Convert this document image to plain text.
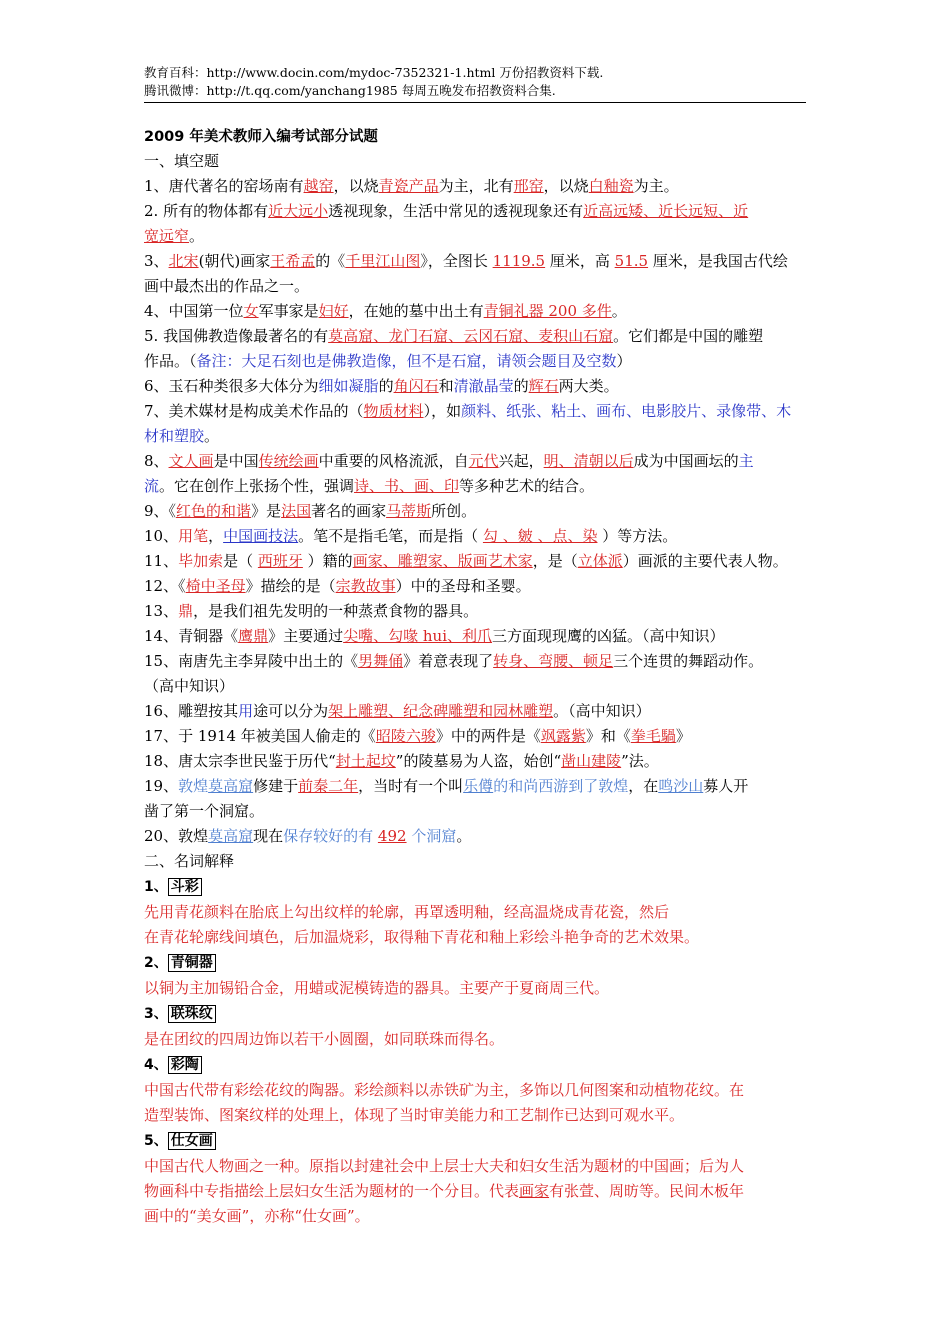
教育百科：http://www.docin.com/mydoc-7352321-1.html 万份招教资料下载.
腾讯微博：http://t.qq.com/yanchang1985 每周五晚发布招教资料合集.
2009 年美术教师入编考试部分试题
一、填空题
1、唐代著名的窑场南有越窑，以烧青瓷产品为主，北有邢窑，以烧白釉瓷为主。
2. 所有的物体都有近大远小透视现象，生活中常见的透视现象还有近高远矮、近长远短、近
宽远窄。
3、北宋(朝代)画家王希孟的《千里江山图》，全图长 1119.5 厘米，高 51.5 厘米，是我国古代绘
画中最杰出的作品之一。
4、中国第一位女军事家是妇好，在她的墓中出土有青铜礼器 200 多件。
5. 我国佛教造像最著名的有莫高窟、龙门石窟、云冈石窟、麦积山石窟。它们都是中国的雕塑
作品。（备注：大足石刻也是佛教造像，但不是石窟，请领会题目及空数）
6、玉石种类很多大体分为细如凝脂的角闪石和清澈晶莹的辉石两大类。
7、美术媒材是构成美术作品的（物质材料），如颜料、纸张、粘土、画布、电影胶片、录像带、木
材和塑胶。
8、文人画是中国传统绘画中重要的风格流派，自元代兴起，明、清朝以后成为中国画坛的主
流。它在创作上张扬个性，强调诗、书、画、印等多种艺术的结合。
9、《红色的和谐》是法国著名的画家马蒂斯所创。
10、用笔，中国画技法。笔不是指毛笔，而是指（ 勾 、皴 、点、染 ）等方法。
11、毕加索是（ 西班牙 ）籍的画家、雕塑家、版画艺术家，是（立体派）画派的主要代表人物。
12、《椅中圣母》描绘的是（宗教故事）中的圣母和圣婴。
13、鼎，是我们祖先发明的一种蒸煮食物的器具。
14、青铜器《鹰鼎》主要通过尖嘴、勾喙 hui、利爪三方面现现鹰的凶猛。（高中知识）
15、南唐先主李昇陵中出土的《男舞俑》着意表现了转身、弯腰、顿足三个连贯的舞蹈动作。
（高中知识）
16、雕塑按其用途可以分为架上雕塑、纪念碑雕塑和园林雕塑。（高中知识）
17、于 1914 年被美国人偷走的《昭陵六骏》中的两件是《飒露紫》和《拳毛騧》
18、唐太宗李世民鉴于历代“封土起坟”的陵墓易为人盗，始创“凿山建陵”法。
19、敦煌莫高窟修建于前秦二年，当时有一个叫乐僔的和尚西游到了敦煌，在鸣沙山募人开
凿了第一个洞窟。
20、敦煌莫高窟现在保存较好的有 492 个洞窟。
二、名词解释
1、 斗彩
先用青花颜料在胎底上勾出纹样的轮廓，再罩透明釉，经高温烧成青花瓷，然后
在青花轮廓线间填色，后加温烧彩，取得釉下青花和釉上彩绘斗艳争奇的艺术效果。
2、 青铜器
以铜为主加锡铅合金，用蜡或泥模铸造的器具。主要产于夏商周三代。
3、 联珠纹
是在团纹的四周边饰以若干小圆圈，如同联珠而得名。
4、 彩陶
中国古代带有彩绘花纹的陶器。彩绘颜料以赤铁矿为主，多饰以几何图案和动植物花纹。在
造型装饰、图案纹样的处理上，体现了当时审美能力和工艺制作已达到可观水平。
5、 仕女画
中国古代人物画之一种。原指以封建社会中上层士大夫和妇女生活为题材的中国画；后为人
物画科中专指描绘上层妇女生活为题材的一个分目。代表画家有张萱、周昉等。民间木板年
画中的“美女画”，亦称“仕女画”。
